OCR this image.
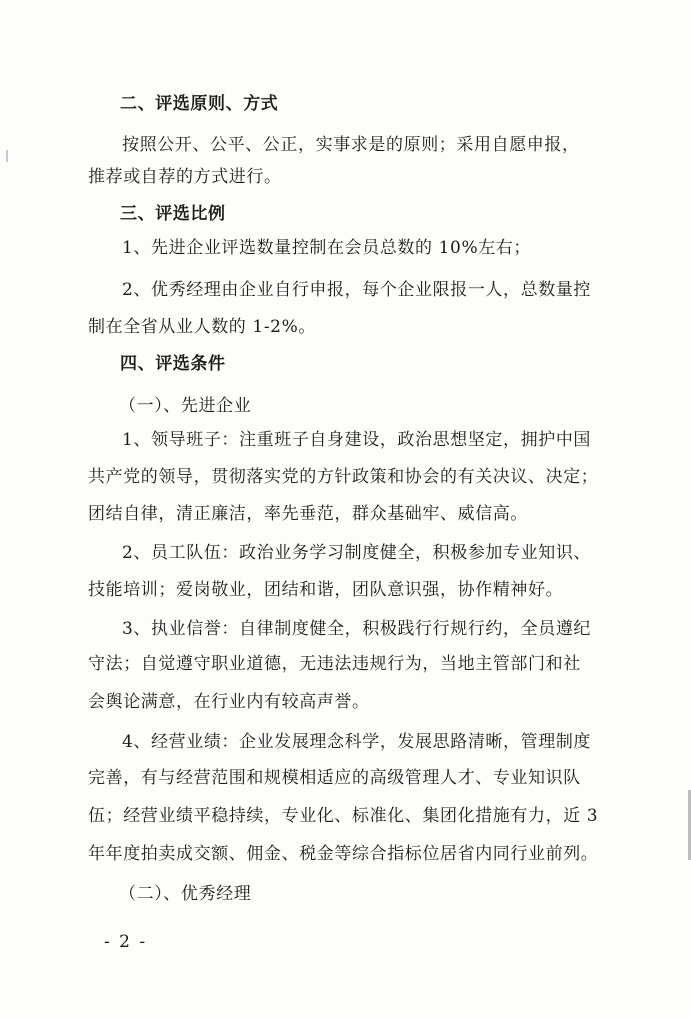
二、评选原则、方式
按照公开、公平、公正，实事求是的原则；采用自愿申报，
推荐或自荐的方式进行。
三、评选比例
1、先进企业评选数量控制在会员总数的 10%左右；
2、优秀经理由企业自行申报，每个企业限报一人，总数量控
制在全省从业人数的 1-2%。
四、评选条件
（一）、先进企业
1、领导班子：注重班子自身建设，政治思想坚定，拥护中国
共产党的领导，贯彻落实党的方针政策和协会的有关决议、决定；
团结自律，清正廉洁，率先垂范，群众基础牢、威信高。
2、员工队伍：政治业务学习制度健全，积极参加专业知识、
技能培训；爱岗敬业，团结和谐，团队意识强，协作精神好。
3、执业信誉：自律制度健全，积极践行行规行约，全员遵纪
守法；自觉遵守职业道德，无违法违规行为，当地主管部门和社
会舆论满意，在行业内有较高声誉。
4、经营业绩：企业发展理念科学，发展思路清晰，管理制度
完善，有与经营范围和规模相适应的高级管理人才、专业知识队
伍；经营业绩平稳持续，专业化、标准化、集团化措施有力，近 3
年年度拍卖成交额、佣金、税金等综合指标位居省内同行业前列。
（二）、优秀经理
- 2 -
